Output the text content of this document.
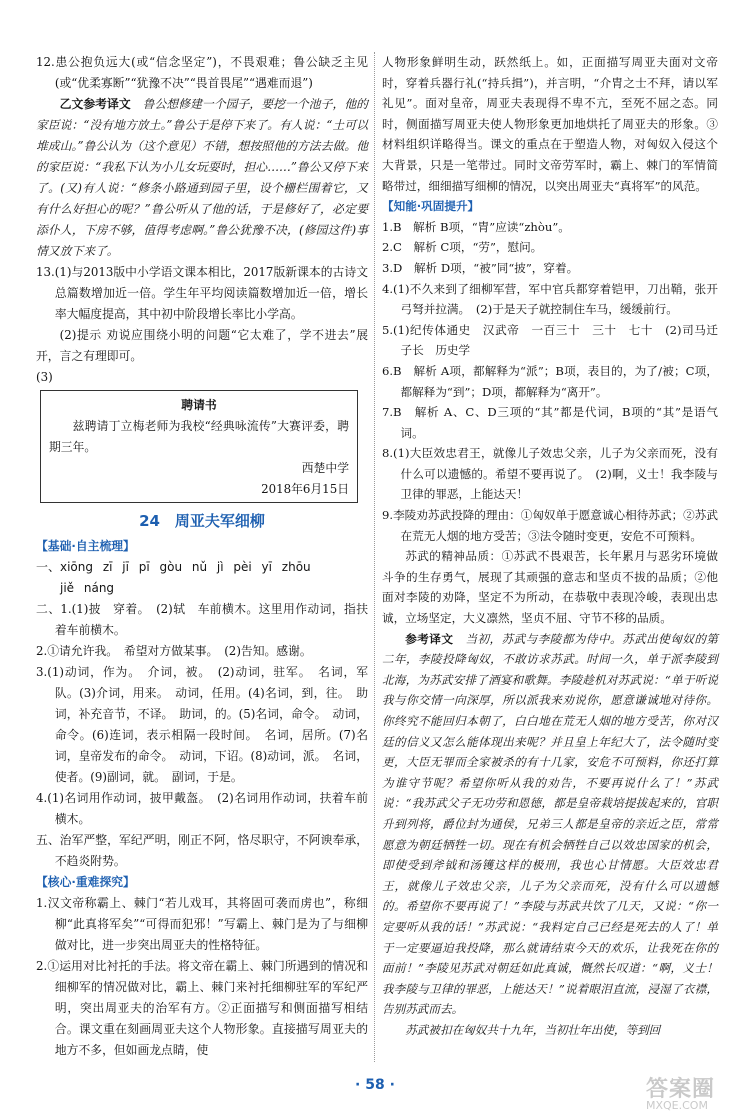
12.患公抱负远大(或“信念坚定”)，不畏艰难；鲁公缺乏主见(或“优柔寡断”“犹豫不决”“畏首畏尾”“遇难而退”)

乙文参考译文　 鲁公想修建一个园子，要挖一个池子，他的家臣说：“没有地方放土。”鲁公于是停下来了。有人说：“土可以堆成山。”鲁公认为（这个意见）不错，想按照他的方法去做。他的家臣说：“我私下认为小儿女玩耍时，担心……”鲁公又停下来了。(又)有人说：“修条小路通到园子里，设个栅栏围着它，又有什么好担心的呢？”鲁公听从了他的话，于是修好了，必定要添仆人，下房不够，值得考虑啊。”鲁公犹豫不决，(修园这件)事情又放下来了。

13.(1)与2013版中小学语文课本相比，2017版新课本的古诗文总篇数增加近一倍。学生年平均阅读篇数增加近一倍，增长率大幅度提高，其中初中阶段增长率比小学高。

(2)提示 劝说应围绕小明的问题“它太难了，学不进去”展开，言之有理即可。

(3)

聘请书

兹聘请丁立梅老师为我校“经典咏流传”大赛评委，聘期三年。

西楚中学
2018年6月15日
24　周亚夫军细柳

【基础·自主梳理】

一、xiōng zī jī pī gòu nǔ jì pèi yī zhōu

jiě náng

二、1.(1)披　穿着。　(2)轼　车前横木。这里用作动词，指扶着车前横木。

2.①请允许我。　希望对方做某事。　(2)告知。感谢。

3.(1)动词，作为。　介词，被。　(2)动词，驻军。　名词，军队。(3)介词，用来。　动词，任用。(4)名词，到，往。　助词，补充音节，不译。　助词，的。(5)名词，命令。　动词，命令。(6)连词，表示相隔一段时间。　名词，居所。(7)名词，皇帝发布的命令。　动词，下诏。(8)动词，派。　名词，使者。(9)副词，就。　副词，于是。

4.(1)名词用作动词，披甲戴盔。　(2)名词用作动词，扶着车前横木。

五、治军严整，军纪严明，刚正不阿，恪尽职守，不阿谀奉承，不趋炎附势。

【核心·重难探究】

1.汉文帝称霸上、棘门“若儿戏耳，其将固可袭而虏也”，称细柳“此真将军矣”“可得而犯邪！”写霸上、棘门是为了与细柳做对比，进一步突出周亚夫的性格特征。

2.①运用对比衬托的手法。将文帝在霸上、棘门所遇到的情况和细柳军的情况做对比，霸上、棘门来衬托细柳驻军的军纪严明，突出周亚夫的治军有方。②正面描写和侧面描写相结合。课文重在刻画周亚夫这个人物形象。直接描写周亚夫的地方不多，但如画龙点睛，使

人物形象鲜明生动，跃然纸上。如，正面描写周亚夫面对文帝时，穿着兵器行礼(“持兵揖”)，并言明，“介胄之士不拜，请以军礼见”。面对皇帝，周亚夫表现得不卑不亢，至死不屈之态。同时，侧面描写周亚夫使人物形象更加地烘托了周亚夫的形象。③材料组织详略得当。课文的重点在于塑造人物，对匈奴入侵这个大背景，只是一笔带过。同时文帝劳军时，霸上、棘门的军情简略带过，细细描写细柳的情况，以突出周亚夫“真将军”的风范。

【知能·巩固提升】

1.B　解析 B项，“胄”应读“zhòu”。

2.C　解析 C项，“劳”，慰问。

3.D　解析 D项，“被”同“披”，穿着。

4.(1)不久来到了细柳军营，军中官兵都穿着铠甲，刀出鞘，张开弓弩并拉满。　(2)于是天子就控制住车马，缓缓前行。

5.(1)纪传体通史　汉武帝　一百三十　三十　七十　(2)司马迁　子长　历史学

6.B　解析 A项，都解释为“派”；B项，表目的，为了/被；C项，都解释为“到”；D项，都解释为“离开”。

7.B　解析 A、C、D三项的“其”都是代词，B项的“其”是语气词。

8.(1)大臣效忠君王，就像儿子效忠父亲，儿子为父亲而死，没有什么可以遗憾的。希望不要再说了。　(2)啊，义士！我李陵与卫律的罪恶，上能达天！

9.李陵劝苏武投降的理由：①匈奴单于愿意诚心相待苏武；②苏武在荒无人烟的地方受苦；③法令随时变更，安危不可预料。

苏武的精神品质：①苏武不畏艰苦，长年累月与恶劣环境做斗争的生存勇气，展现了其顽强的意志和坚贞不拔的品质；②他面对李陵的劝降，坚定不为所动，在恭敬中表现冷峻，表现出忠诚，立场坚定，大义凛然，坚贞不屈、守节不移的品质。

参考译文　 当初，苏武与李陵都为侍中。苏武出使匈奴的第二年，李陵投降匈奴，不敢访求苏武。时间一久，单于派李陵到北海，为苏武安排了酒宴和歌舞。李陵趁机对苏武说：“单于听说我与你交情一向深厚，所以派我来劝说你，愿意谦诚地对待你。你终究不能回归本朝了，白白地在荒无人烟的地方受苦，你对汉廷的信义又怎么能体现出来呢？并且皇上年纪大了，法令随时变更，大臣无罪而全家被杀的有十几家，安危不可预料，你还打算为谁守节呢？希望你听从我的劝告，不要再说什么了！”苏武说：“我苏武父子无功劳和恩德，都是皇帝栽培提拔起来的，官职升到列将，爵位封为通侯，兄弟三人都是皇帝的亲近之臣，常常愿意为朝廷牺牲一切。现在有机会牺牲自己以效忠国家的机会，即使受到斧钺和汤镬这样的极刑，我也心甘情愿。大臣效忠君王，就像儿子效忠父亲，儿子为父亲而死，没有什么可以遗憾的。希望你不要再说了！”李陵与苏武共饮了几天，又说：“你一定要听从我的话！”苏武说：“我料定自己已经是死去的人了！单于一定要逼迫我投降，那么就请结束今天的欢乐，让我死在你的面前！”李陵见苏武对朝廷如此真诚，慨然长叹道：“啊，义士！我李陵与卫律的罪恶，上能达天！”说着眼泪直流，浸湿了衣襟，告别苏武而去。

苏武被扣在匈奴共十九年，当初壮年出使，等到回

· 58 ·	答案圈
MXQE.COM
